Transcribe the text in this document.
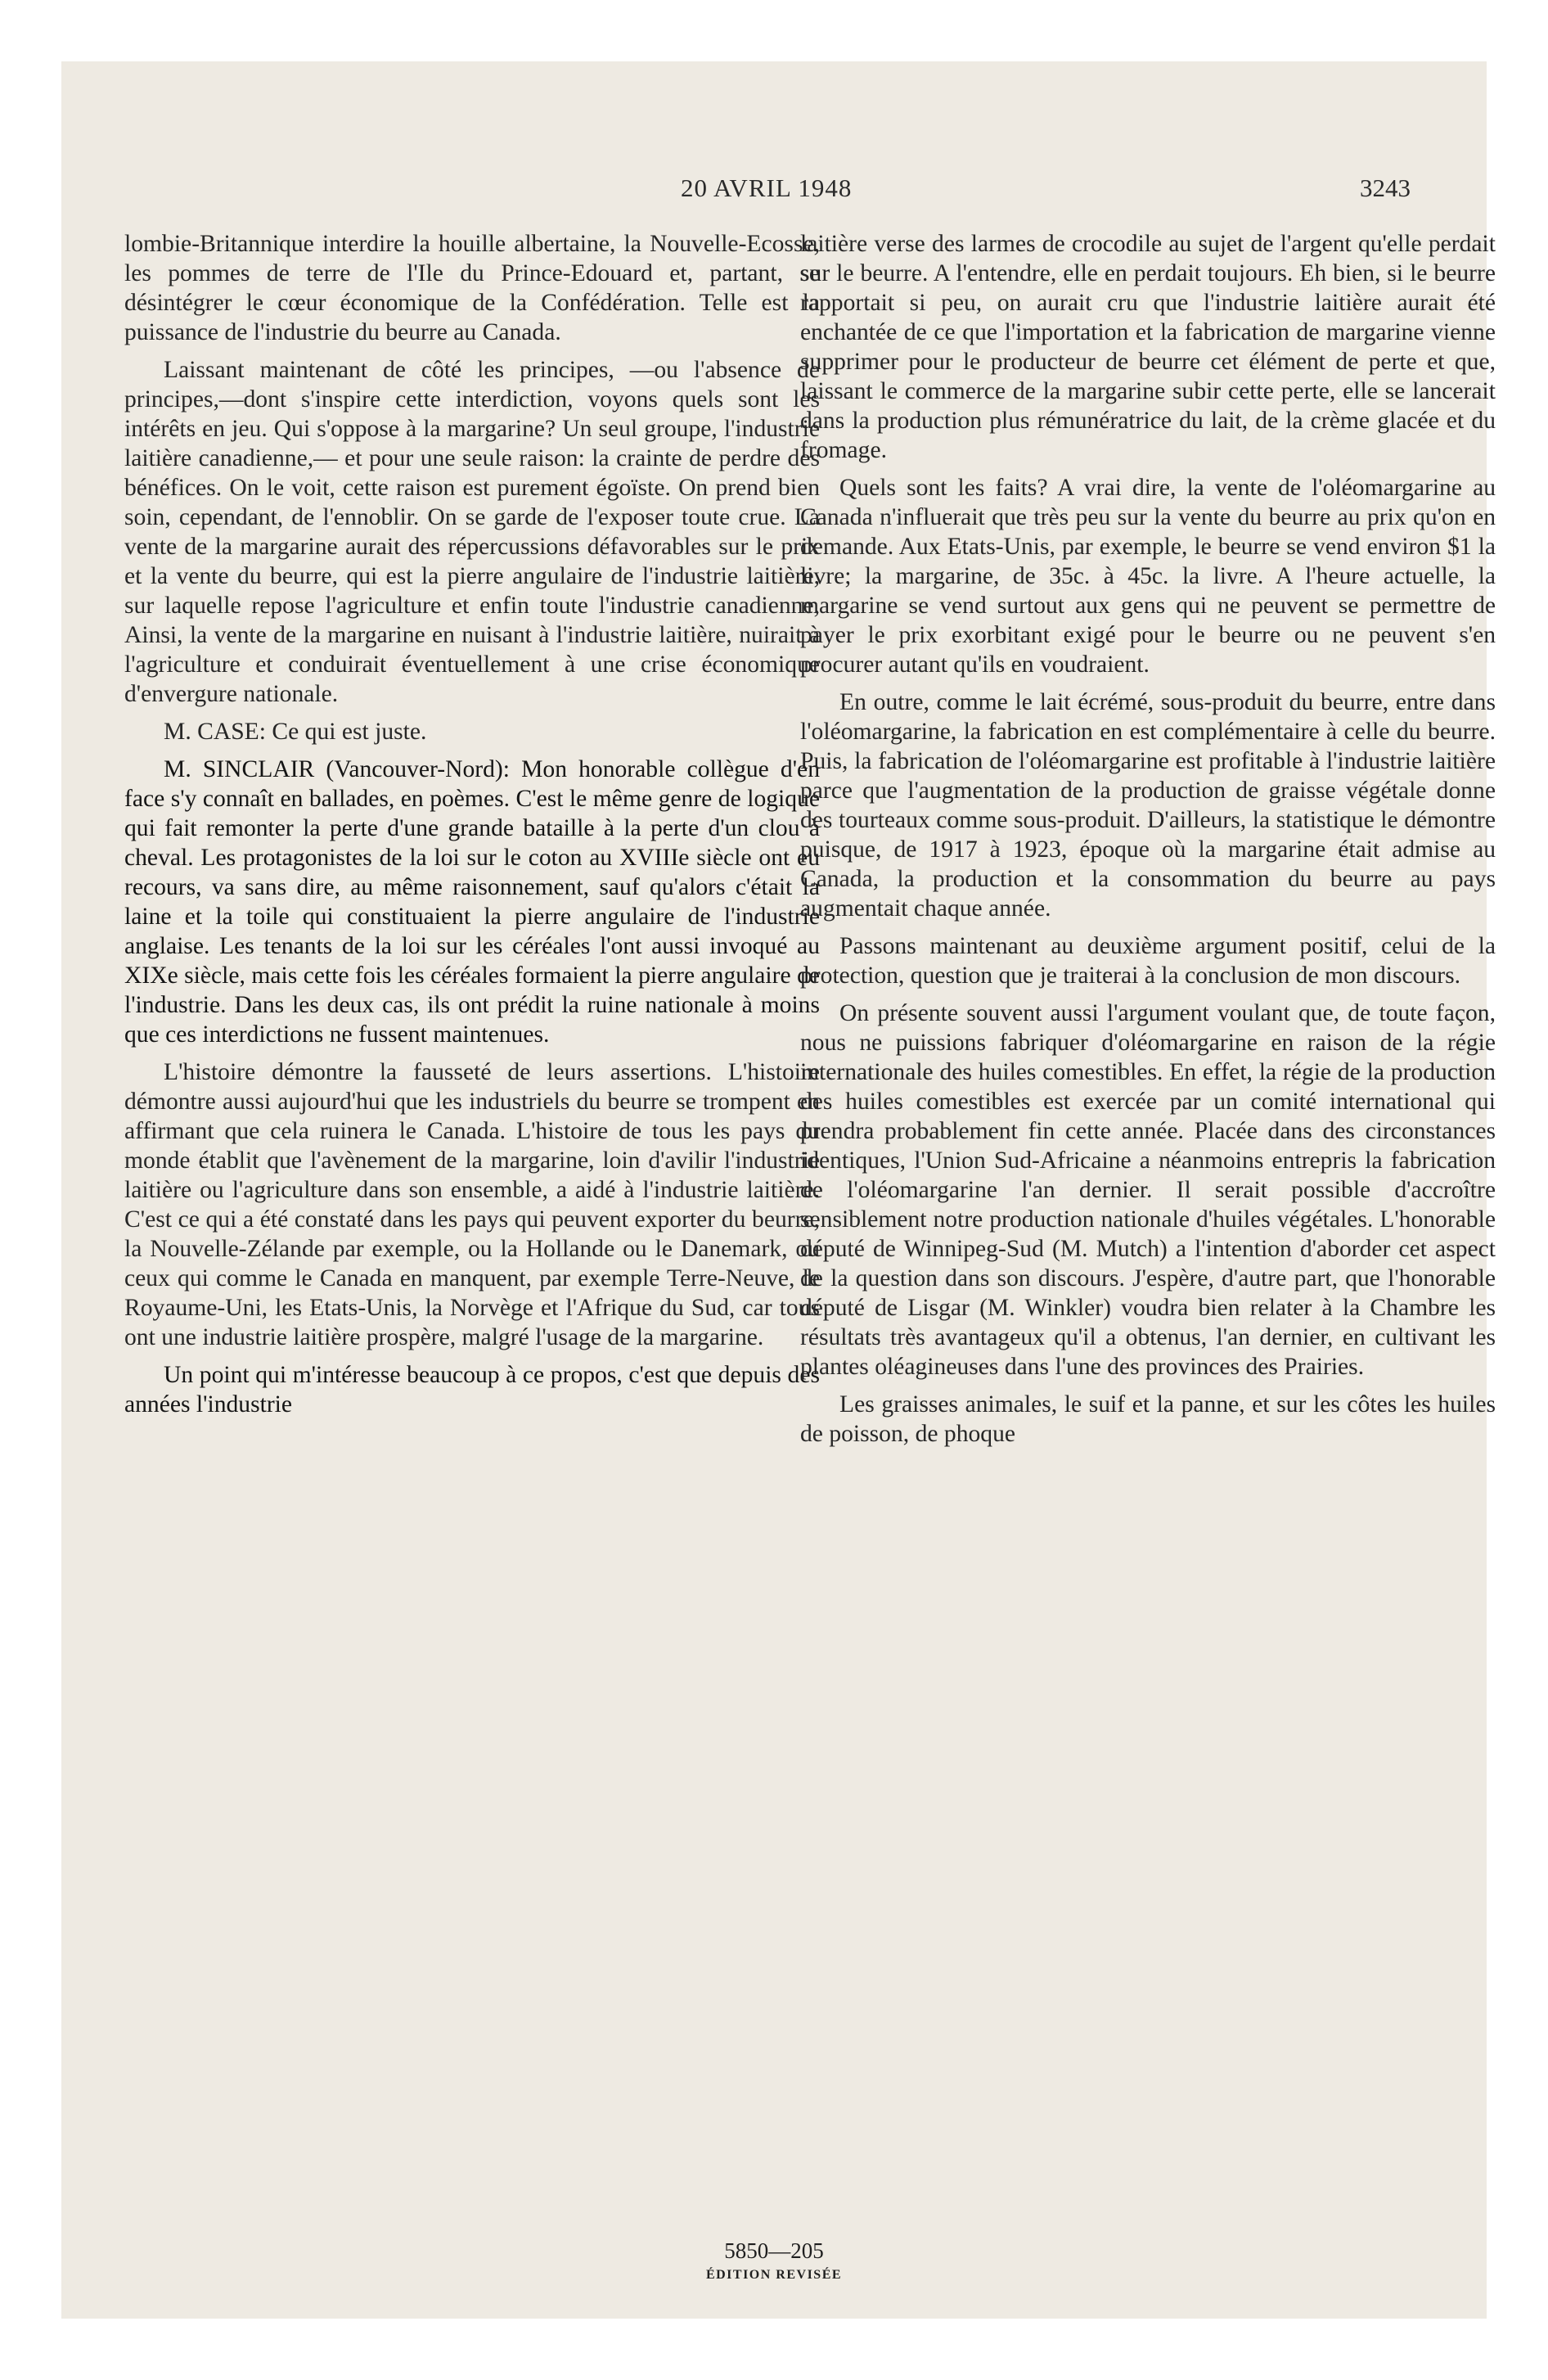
20 AVRIL 1948	3243

lombie-Britannique interdire la houille albertaine, la Nouvelle-Ecosse, les pommes de terre de l'Ile du Prince-Edouard et, partant, se désintégrer le cœur économique de la Confédération. Telle est la puissance de l'industrie du beurre au Canada.

Laissant maintenant de côté les principes, —ou l'absence de principes,—dont s'inspire cette interdiction, voyons quels sont les intérêts en jeu. Qui s'oppose à la margarine? Un seul groupe, l'industrie laitière canadienne,— et pour une seule raison: la crainte de perdre des bénéfices. On le voit, cette raison est purement égoïste. On prend bien soin, cependant, de l'ennoblir. On se garde de l'exposer toute crue. La vente de la margarine aurait des répercussions défavorables sur le prix et la vente du beurre, qui est la pierre angulaire de l'industrie laitière, sur laquelle repose l'agriculture et enfin toute l'industrie canadienne, Ainsi, la vente de la margarine en nuisant à l'industrie laitière, nuirait à l'agriculture et conduirait éventuellement à une crise économique d'envergure nationale.

M. CASE: Ce qui est juste.

M. SINCLAIR (Vancouver-Nord): Mon honorable collègue d'en face s'y connaît en ballades, en poèmes. C'est le même genre de logique qui fait remonter la perte d'une grande bataille à la perte d'un clou à cheval. Les protagonistes de la loi sur le coton au XVIIIe siècle ont eu recours, va sans dire, au même raisonnement, sauf qu'alors c'était la laine et la toile qui constituaient la pierre angulaire de l'industrie anglaise. Les tenants de la loi sur les céréales l'ont aussi invoqué au XIXe siècle, mais cette fois les céréales formaient la pierre angulaire de l'industrie. Dans les deux cas, ils ont prédit la ruine nationale à moins que ces interdictions ne fussent maintenues.

L'histoire démontre la fausseté de leurs assertions. L'histoire démontre aussi aujourd'hui que les industriels du beurre se trompent en affirmant que cela ruinera le Canada. L'histoire de tous les pays du monde établit que l'avènement de la margarine, loin d'avilir l'industrie laitière ou l'agriculture dans son ensemble, a aidé à l'industrie laitière. C'est ce qui a été constaté dans les pays qui peuvent exporter du beurre, la Nouvelle-Zélande par exemple, ou la Hollande ou le Danemark, ou ceux qui comme le Canada en manquent, par exemple Terre-Neuve, le Royaume-Uni, les Etats-Unis, la Norvège et l'Afrique du Sud, car tous ont une industrie laitière prospère, malgré l'usage de la margarine.

Un point qui m'intéresse beaucoup à ce propos, c'est que depuis des années l'industrie

laitière verse des larmes de crocodile au sujet de l'argent qu'elle perdait sur le beurre. A l'entendre, elle en perdait toujours. Eh bien, si le beurre rapportait si peu, on aurait cru que l'industrie laitière aurait été enchantée de ce que l'importation et la fabrication de margarine vienne supprimer pour le producteur de beurre cet élément de perte et que, laissant le commerce de la margarine subir cette perte, elle se lancerait dans la production plus rémunératrice du lait, de la crème glacée et du fromage.

Quels sont les faits? A vrai dire, la vente de l'oléomargarine au Canada n'influerait que très peu sur la vente du beurre au prix qu'on en demande. Aux Etats-Unis, par exemple, le beurre se vend environ $1 la livre; la margarine, de 35c. à 45c. la livre. A l'heure actuelle, la margarine se vend surtout aux gens qui ne peuvent se permettre de payer le prix exorbitant exigé pour le beurre ou ne peuvent s'en procurer autant qu'ils en voudraient.

En outre, comme le lait écrémé, sous-produit du beurre, entre dans l'oléomargarine, la fabrication en est complémentaire à celle du beurre. Puis, la fabrication de l'oléomargarine est profitable à l'industrie laitière parce que l'augmentation de la production de graisse végétale donne des tourteaux comme sous-produit. D'ailleurs, la statistique le démontre puisque, de 1917 à 1923, époque où la margarine était admise au Canada, la production et la consommation du beurre au pays augmentait chaque année.

Passons maintenant au deuxième argument positif, celui de la protection, question que je traiterai à la conclusion de mon discours.

On présente souvent aussi l'argument voulant que, de toute façon, nous ne puissions fabriquer d'oléomargarine en raison de la régie internationale des huiles comestibles. En effet, la régie de la production des huiles comestibles est exercée par un comité international qui prendra probablement fin cette année. Placée dans des circonstances identiques, l'Union Sud-Africaine a néanmoins entrepris la fabrication de l'oléomargarine l'an dernier. Il serait possible d'accroître sensiblement notre production nationale d'huiles végétales. L'honorable député de Winnipeg-Sud (M. Mutch) a l'intention d'aborder cet aspect de la question dans son discours. J'espère, d'autre part, que l'honorable député de Lisgar (M. Winkler) voudra bien relater à la Chambre les résultats très avantageux qu'il a obtenus, l'an dernier, en cultivant les plantes oléagineuses dans l'une des provinces des Prairies.

Les graisses animales, le suif et la panne, et sur les côtes les huiles de poisson, de phoque

5850—205
ÉDITION REVISÉE
